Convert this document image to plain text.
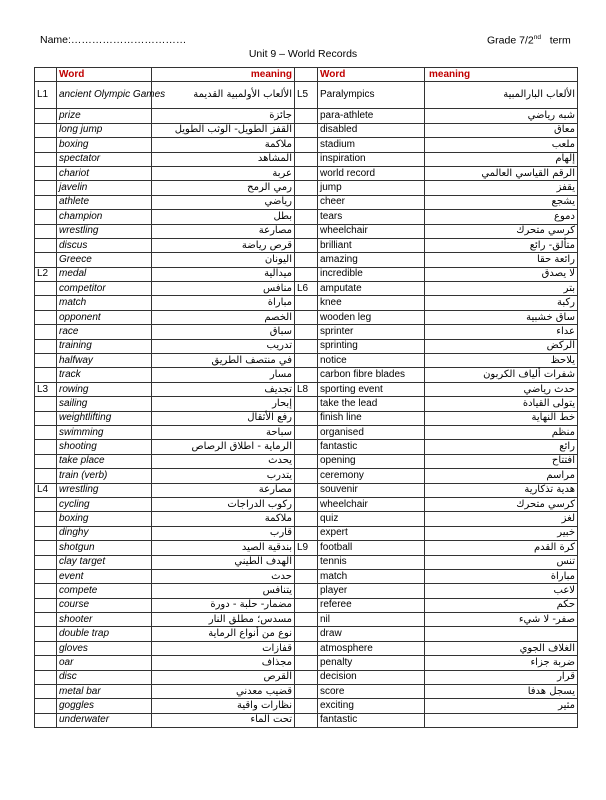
Name:……………………………	Grade 7/2nd term
Unit 9 – World Records
	Word	meaning		Word	meaning
L1	ancient Olympic Games	الألعاب الأولمبية القديمة	L5	Paralympics	الألعاب البارالمبية
	prize	جائزة		para-athlete	شبه رياضي
	long jump	القفز الطويل- الوثب الطويل		disabled	معاق
	boxing	ملاكمة		stadium	ملعب
	spectator	المشاهد		inspiration	إلهام
	chariot	عربة		world record	الرقم القياسي العالمي
	javelin	رمي الرمح		jump	يقفز
	athlete	رياضي		cheer	يشجع
	champion	بطل		tears	دموع
	wrestling	مصارعة		wheelchair	كرسي متحرك
	discus	قرص رياضة		brilliant	متألق- رائع
	Greece	اليونان		amazing	رائعة حقا
L2	medal	ميدالية		incredible	لا يصدق
	competitor	منافس	L6	amputate	بتر
	match	مباراة		knee	ركبة
	opponent	الخصم		wooden leg	ساق خشبية
	race	سباق		sprinter	عداء
	training	تدريب		sprinting	الركض
	halfway	في منتصف الطريق		notice	يلاحظ
	track	مسار		carbon fibre blades	شفرات ألياف الكربون
L3	rowing	تجديف	L8	sporting event	حدث رياضي
	sailing	إبحار		take the lead	يتولى القيادة
	weightlifting	رفع الأثقال		finish line	خط النهاية
	swimming	سباحة		organised	منظم
	shooting	الرماية - اطلاق الرصاص		fantastic	رائع
	take place	يحدث		opening	افتتاح
	train (verb)	يتدرب		ceremony	مراسم
L4	wrestling	مصارعة		souvenir	هدية تذكارية
	cycling	ركوب الدراجات		wheelchair	كرسي متحرك
	boxing	ملاكمة		quiz	لغز
	dinghy	قارب		expert	خبير
	shotgun	بندقية الصيد	L9	football	كرة القدم
	clay target	الهدف الطيني		tennis	تنس
	event	حدث		match	مباراة
	compete	يتنافس		player	لاعب
	course	مضمار- حلبة - دورة		referee	حكم
	shooter	مسدس؛ مطلق النار		nil	صفر- لا شيء
	double trap	نوع من أنواع الرماية		draw	
	gloves	قفازات		atmosphere	الغلاف الجوي
	oar	مجذاف		penalty	ضربة جزاء
	disc	القرص		decision	قرار
	metal bar	قضيب معدني		score	يسجل هدفا
	goggles	نظارات واقية		exciting	مثير
	underwater	تحت الماء		fantastic	
